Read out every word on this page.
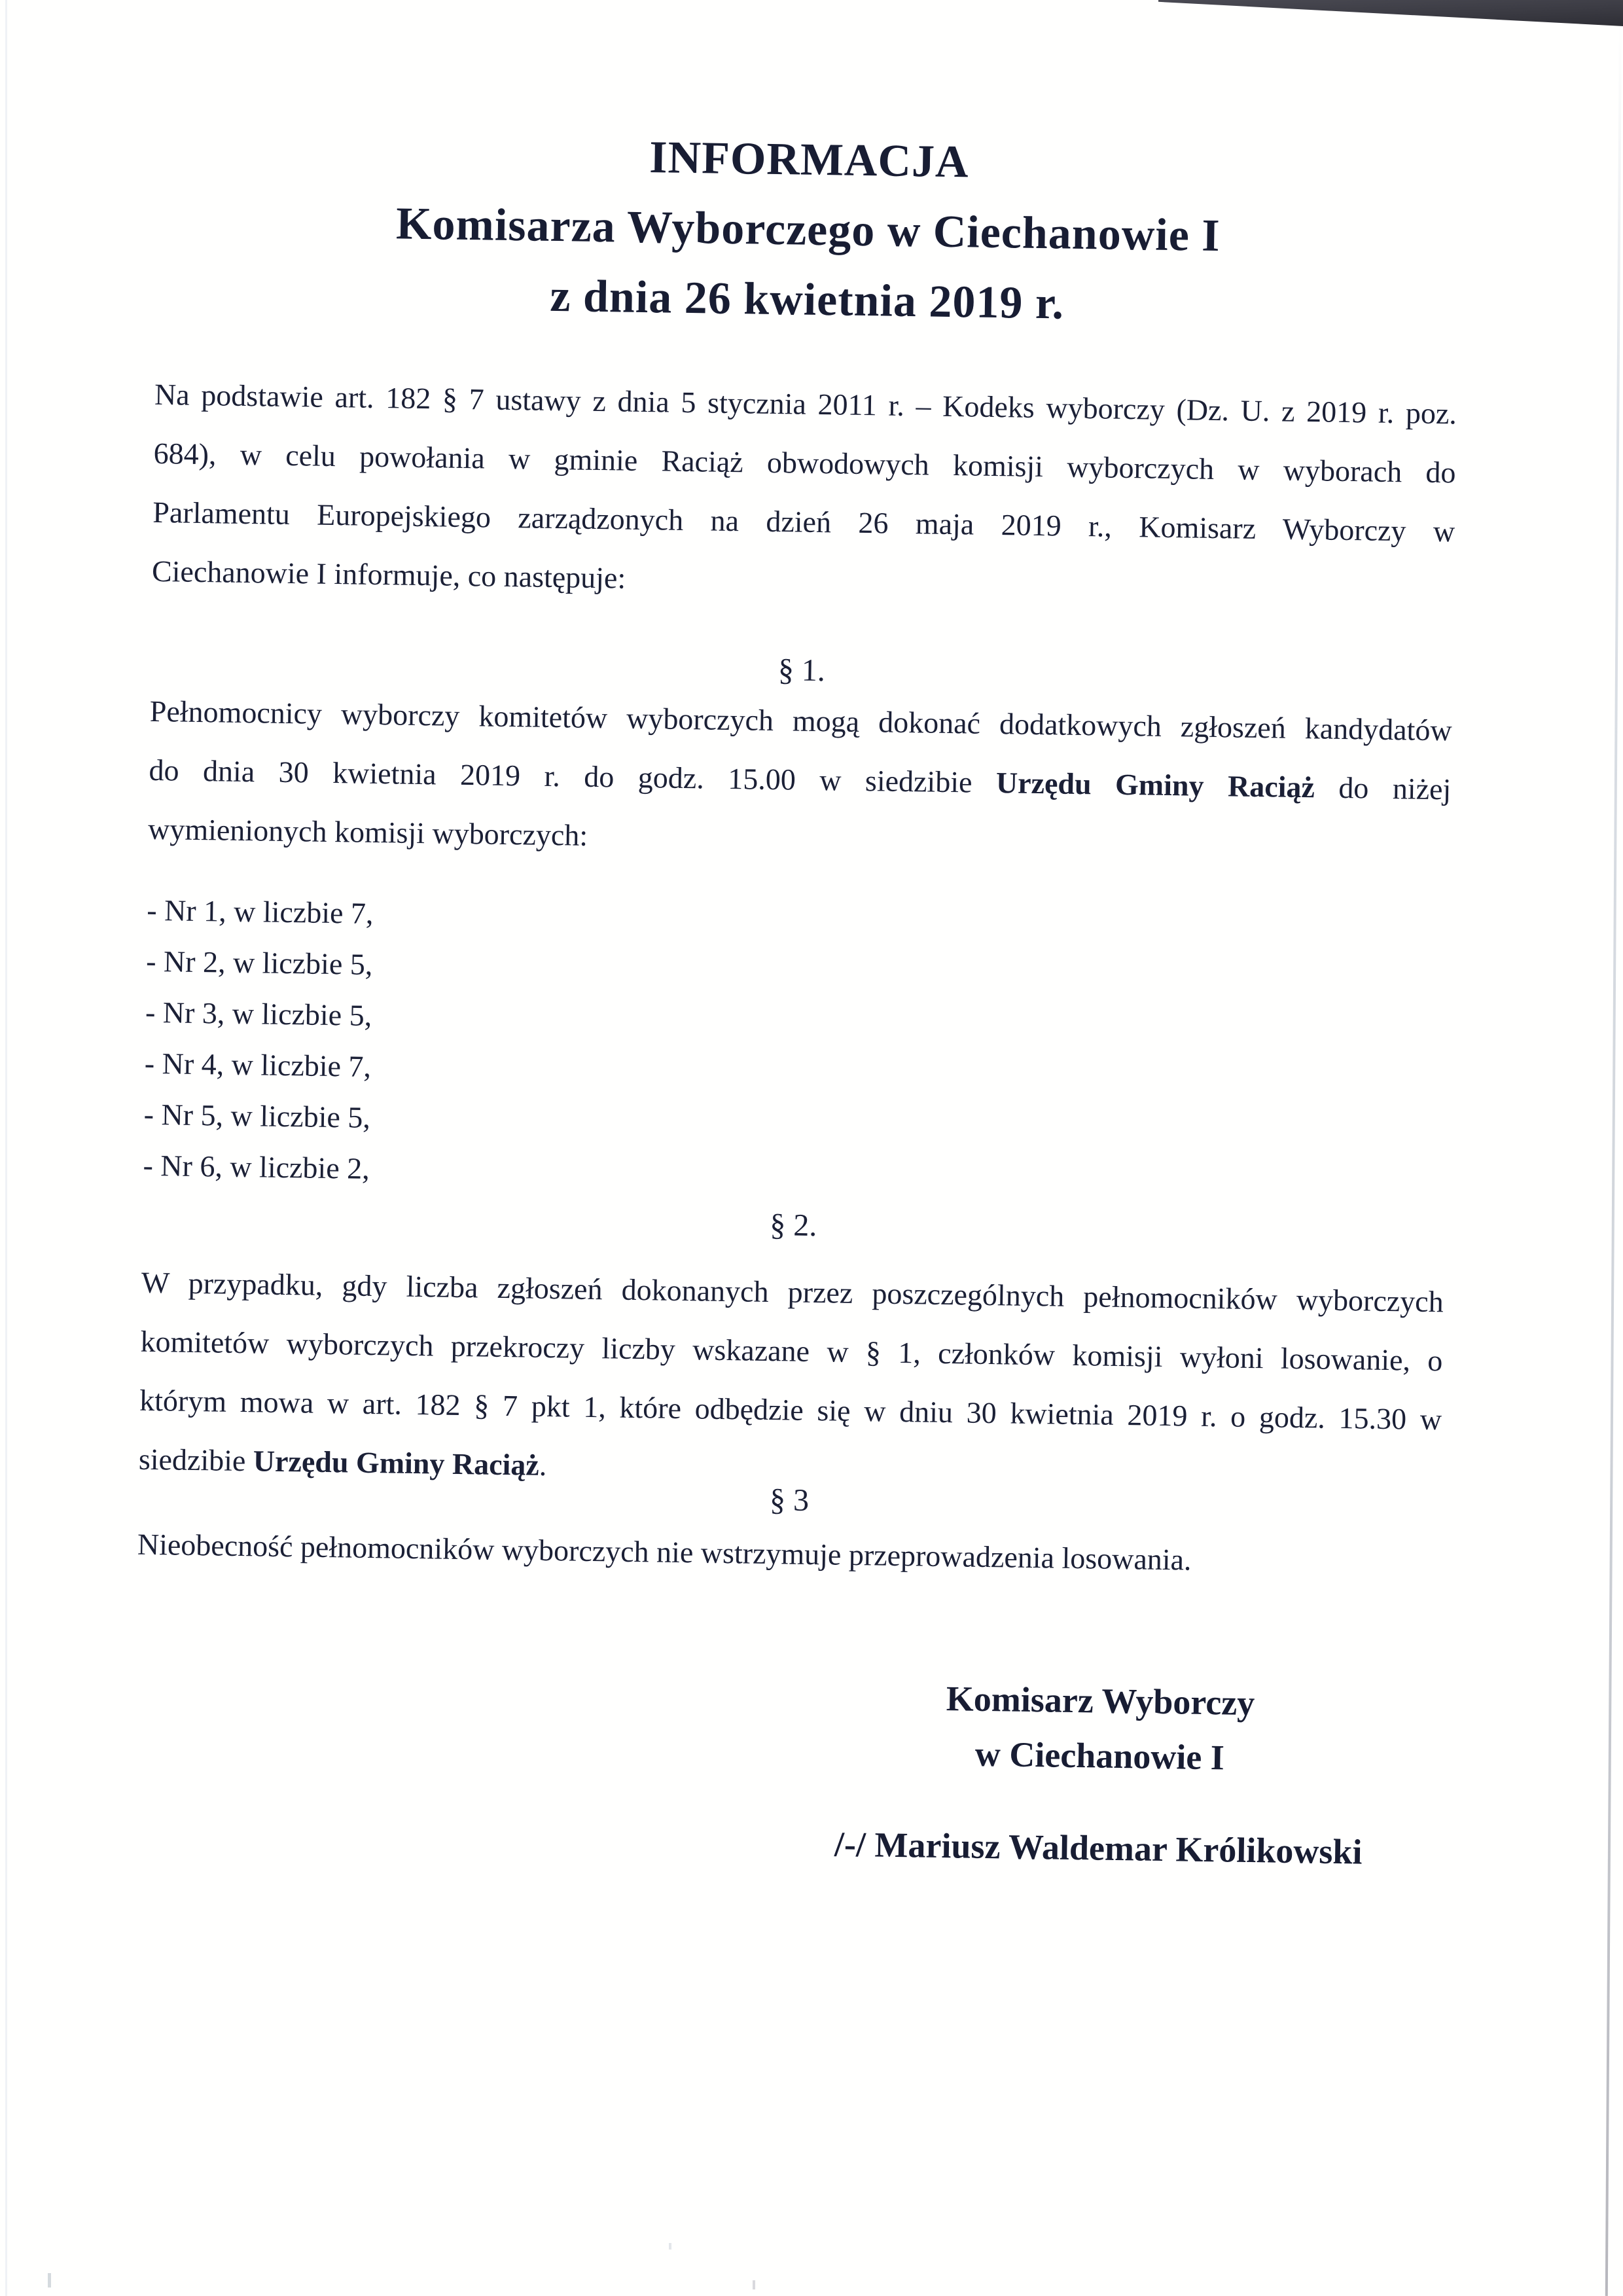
INFORMACJA
Komisarza Wyborczego w Ciechanowie I
z dnia 26 kwietnia 2019 r.
Na podstawie art. 182 § 7 ustawy z dnia 5 stycznia 2011 r. – Kodeks wyborczy (Dz. U. z 2019 r. poz.
684), w celu powołania w gminie Raciąż obwodowych komisji wyborczych w wyborach do
Parlamentu Europejskiego zarządzonych na dzień 26 maja 2019 r., Komisarz Wyborczy w
Ciechanowie I informuje, co następuje:
§ 1.
Pełnomocnicy wyborczy komitetów wyborczych mogą dokonać dodatkowych zgłoszeń kandydatów
do dnia 30 kwietnia 2019 r. do godz. 15.00 w siedzibie Urzędu Gminy Raciąż do niżej
wymienionych komisji wyborczych:
- Nr 1, w liczbie 7,
- Nr 2, w liczbie 5,
- Nr 3, w liczbie 5,
- Nr 4, w liczbie 7,
- Nr 5, w liczbie 5,
- Nr 6, w liczbie 2,
§ 2.
W przypadku, gdy liczba zgłoszeń dokonanych przez poszczególnych pełnomocników wyborczych
komitetów wyborczych przekroczy liczby wskazane w § 1, członków komisji wyłoni losowanie, o
którym mowa w art. 182 § 7 pkt 1, które odbędzie się w dniu 30 kwietnia 2019 r. o godz. 15.30 w
siedzibie Urzędu Gminy Raciąż.
§ 3
Nieobecność pełnomocników wyborczych nie wstrzymuje przeprowadzenia losowania.
Komisarz Wyborczy
w Ciechanowie I
/-/ Mariusz Waldemar Królikowski
